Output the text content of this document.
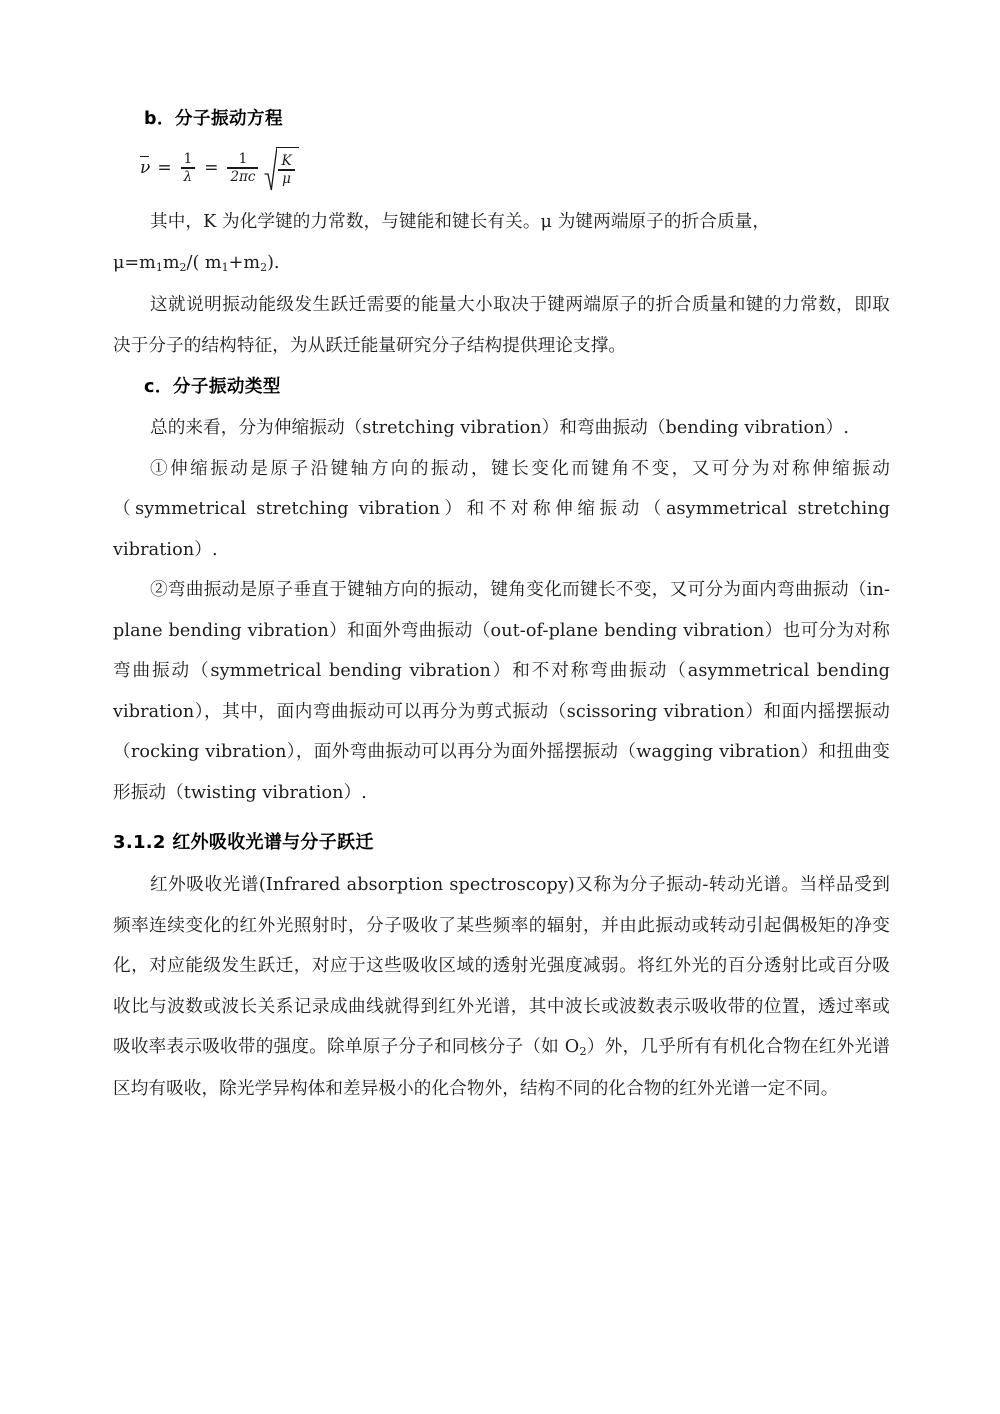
b．分子振动方程
$\nu = \frac{1}{\lambda} = \frac{1}{2\pi c} \frac{K}{\mu}$

其中，K 为化学键的力常数，与键能和键长有关。μ 为键两端原子的折合质量，

$\mu=m_1m_2/$( $m_1+m_2$).

这就说明振动能级发生跃迁需要的能量大小取决于键两端原子的折合质量和键的力常数，即取决于分子的结构特征，为从跃迁能量研究分子结构提供理论支撑。

c．分子振动类型

总的来看，分为伸缩振动（stretching vibration）和弯曲振动（bending vibration）.

①伸缩振动是原子沿键轴方向的振动，键长变化而键角不变，又可分为对称伸缩振动（symmetrical stretching vibration）和不对称伸缩振动（asymmetrical stretching vibration）.

②弯曲振动是原子垂直于键轴方向的振动，键角变化而键长不变，又可分为面内弯曲振动（in-plane bending vibration）和面外弯曲振动（out-of-plane bending vibration）也可分为对称弯曲振动（symmetrical bending vibration）和不对称弯曲振动（asymmetrical bending vibration），其中，面内弯曲振动可以再分为剪式振动（scissoring vibration）和面内摇摆振动（rocking vibration），面外弯曲振动可以再分为面外摇摆振动（wagging vibration）和扭曲变形振动（twisting vibration）.

3.1.2 红外吸收光谱与分子跃迁

红外吸收光谱(Infrared absorption spectroscopy)又称为分子振动-转动光谱。当样品受到频率连续变化的红外光照射时，分子吸收了某些频率的辐射，并由此振动或转动引起偶极矩的净变化，对应能级发生跃迁，对应于这些吸收区域的透射光强度减弱。将红外光的百分透射比或百分吸收比与波数或波长关系记录成曲线就得到红外光谱，其中波长或波数表示吸收带的位置，透过率或吸收率表示吸收带的强度。除单原子分子和同核分子（如 $O_2$）外，几乎所有有机化合物在红外光谱区均有吸收，除光学异构体和差异极小的化合物外，结构不同的化合物的红外光谱一定不同。
